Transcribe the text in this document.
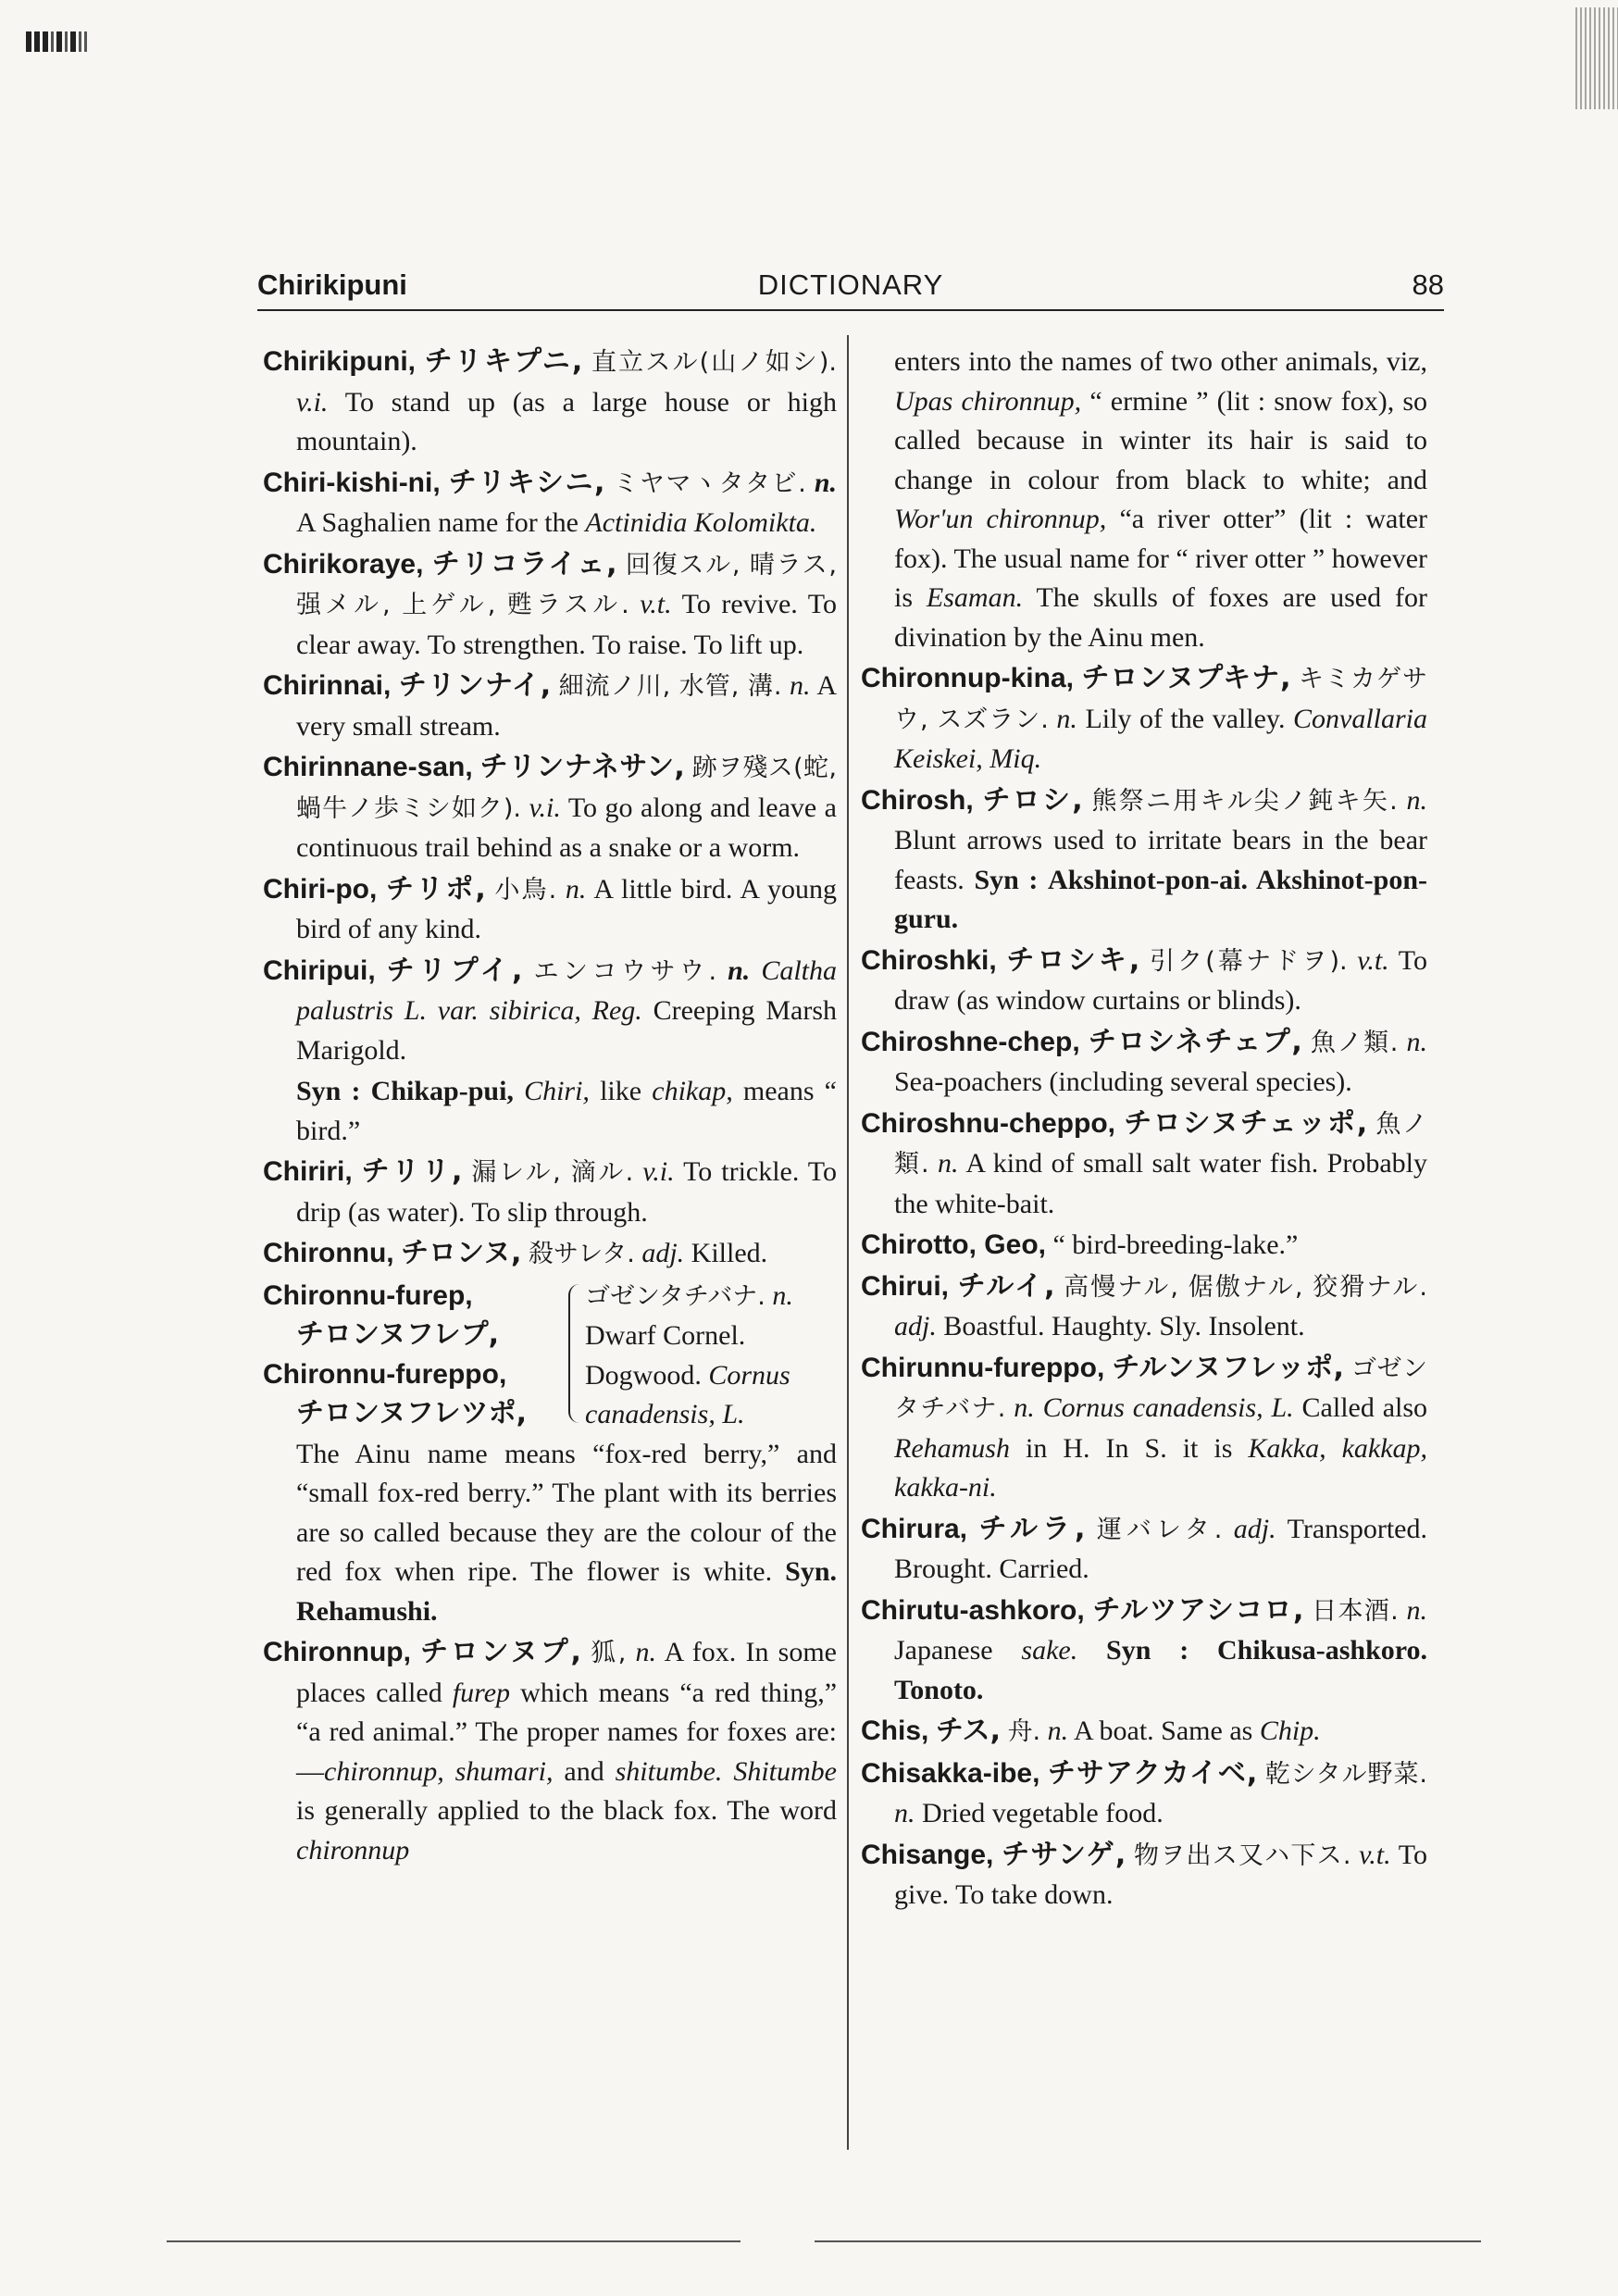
Chirikipuni	DICTIONARY	88

Chirikipuni, チリキプニ, 直立スル(山ノ如シ). v.i. To stand up (as a large house or high mountain).

Chiri-kishi-ni, チリキシニ, ミヤマヽタタビ. n. A Saghalien name for the Actinidia Kolomikta.

Chirikoraye, チリコライェ, 回復スル, 晴ラス, 强メル, 上ゲル, 甦ラスル. v.t. To revive. To clear away. To strengthen. To raise. To lift up.

Chirinnai, チリンナイ, 細流ノ川, 水管, 溝. n. A very small stream.

Chirinnane-san, チリンナネサン, 跡ヲ殘ス(蛇, 蝸牛ノ歩ミシ如ク). v.i. To go along and leave a continuous trail behind as a snake or a worm.

Chiri-po, チリポ, 小鳥. n. A little bird. A young bird of any kind.

Chiripui, チリプイ, エンコウサウ. n. Caltha palustris L. var. sibirica, Reg. Creeping Marsh Marigold.

Syn : Chikap-pui, Chiri, like chikap, means “ bird.”

Chiriri, チリリ, 漏レル, 滴ル. v.i. To trickle. To drip (as water). To slip through.

Chironnu, チロンヌ, 殺サレタ. adj. Killed.

Chironnu-furep,
チロンヌフレプ,
Chironnu-fureppo,
チロンヌフレツポ,
ゴゼンタチバナ. n. Dwarf Cornel. Dogwood. Cornus canadensis, L.

The Ainu name means “fox-red berry,” and “small fox-red berry.” The plant with its berries are so called because they are the colour of the red fox when ripe. The flower is white. Syn. Rehamushi.

Chironnup, チロンヌプ, 狐, n. A fox. In some places called furep which means “a red thing,” “a red animal.” The proper names for foxes are:—chironnup, shumari, and shitumbe. Shitumbe is generally applied to the black fox. The word chironnup

enters into the names of two other animals, viz, Upas chironnup, “ ermine ” (lit : snow fox), so called because in winter its hair is said to change in colour from black to white; and Wor'un chironnup, “a river otter” (lit : water fox). The usual name for “ river otter ” however is Esaman. The skulls of foxes are used for divination by the Ainu men.

Chironnup-kina, チロンヌプキナ, キミカゲサウ, スズラン. n. Lily of the valley. Convallaria Keiskei, Miq.

Chirosh, チロシ, 熊祭ニ用キル尖ノ鈍キ矢. n. Blunt arrows used to irritate bears in the bear feasts. Syn : Akshinot-pon-ai. Akshinot-pon-guru.

Chiroshki, チロシキ, 引ク(幕ナドヲ). v.t. To draw (as window curtains or blinds).

Chiroshne-chep, チロシネチェプ, 魚ノ類. n. Sea-poachers (including several species).

Chiroshnu-cheppo, チロシヌチェッポ, 魚ノ類. n. A kind of small salt water fish. Probably the white-bait.

Chirotto, Geo, “ bird-breeding-lake.”

Chirui, チルイ, 高慢ナル, 倨傲ナル, 狡猾ナル. adj. Boastful. Haughty. Sly. Insolent.

Chirunnu-fureppo, チルンヌフレッポ, ゴゼンタチバナ. n. Cornus canadensis, L. Called also Rehamush in H. In S. it is Kakka, kakkap, kakka-ni.

Chirura, チルラ, 運バレタ. adj. Transported. Brought. Carried.

Chirutu-ashkoro, チルツアシコロ, 日本酒. n. Japanese sake. Syn : Chikusa-ashkoro. Tonoto.

Chis, チス, 舟. n. A boat. Same as Chip.

Chisakka-ibe, チサアクカイベ, 乾シタル野菜. n. Dried vegetable food.

Chisange, チサンゲ, 物ヲ出ス又ハ下ス. v.t. To give. To take down.
